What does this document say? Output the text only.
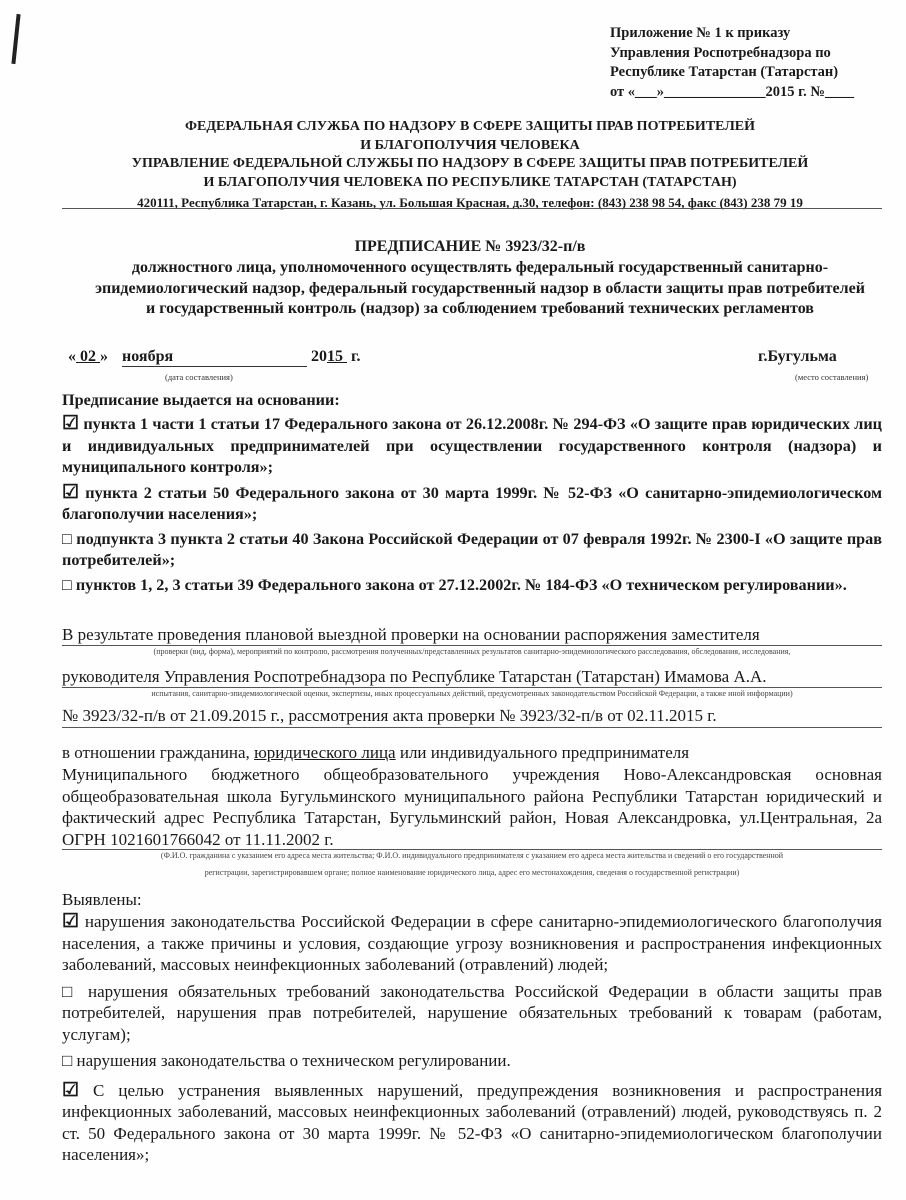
Приложение № 1 к приказу
Управления Роспотребнадзора по
Республике Татарстан (Татарстан)
от «___»______________2015 г. №____
ФЕДЕРАЛЬНАЯ СЛУЖБА ПО НАДЗОРУ В СФЕРЕ ЗАЩИТЫ ПРАВ ПОТРЕБИТЕЛЕЙ
И БЛАГОПОЛУЧИЯ ЧЕЛОВЕКА
УПРАВЛЕНИЕ ФЕДЕРАЛЬНОЙ СЛУЖБЫ ПО НАДЗОРУ В СФЕРЕ ЗАЩИТЫ ПРАВ ПОТРЕБИТЕЛЕЙ
И БЛАГОПОЛУЧИЯ ЧЕЛОВЕКА ПО РЕСПУБЛИКЕ ТАТАРСТАН (ТАТАРСТАН)
420111, Республика Татарстан, г. Казань, ул. Большая Красная, д.30, телефон: (843) 238 98 54, факс (843) 238 79 19
ПРЕДПИСАНИЕ № 3923/32-п/в
должностного лица, уполномоченного осуществлять федеральный государственный санитарно-эпидемиологический надзор, федеральный государственный надзор в области защиты прав потребителей и государственный контроль (надзор) за соблюдением требований технических регламентов
« 02 » ноября	2015 г.	г.Бугульма
(дата составления)	(место составления)
Предписание выдается на основании:
☑ пункта 1 части 1 статьи 17 Федерального закона от 26.12.2008г. № 294-ФЗ «О защите прав юридических лиц и индивидуальных предпринимателей при осуществлении государственного контроля (надзора) и муниципального контроля»;
☑ пункта 2 статьи 50 Федерального закона от 30 марта 1999г. № 52-ФЗ «О санитарно-эпидемиологическом благополучии населения»;
□ подпункта 3 пункта 2 статьи 40 Закона Российской Федерации от 07 февраля 1992г. № 2300-I «О защите прав потребителей»;
□ пунктов 1, 2, 3 статьи 39 Федерального закона от 27.12.2002г. № 184-ФЗ «О техническом регулировании».
В результате проведения плановой выездной проверки на основании распоряжения заместителя
(проверки (вид, форма), мероприятий по контролю, рассмотрения полученных/представленных результатов санитарно-эпидемиологического расследования, обследования, исследования,
руководителя Управления Роспотребнадзора по Республике Татарстан (Татарстан) Имамова А.А.
испытания, санитарно-эпидемиологической оценки, экспертизы, иных процессуальных действий, предусмотренных законодательством Российской Федерации, а также иной информации)
№ 3923/32-п/в от 21.09.2015 г., рассмотрения акта проверки № 3923/32-п/в от 02.11.2015 г.
в отношении гражданина, юридического лица или индивидуального предпринимателя
Муниципального бюджетного общеобразовательного учреждения Ново-Александровская основная общеобразовательная школа Бугульминского муниципального района Республики Татарстан юридический и фактический адрес Республика Татарстан, Бугульминский район, Новая Александровка, ул.Центральная, 2а ОГРН 1021601766042 от 11.11.2002 г.
(Ф.И.О. гражданина с указанием его адреса места жительства; Ф.И.О. индивидуального предпринимателя с указанием его адреса места жительства и сведений о его государственной
регистрации, зарегистрировавшем органе; полное наименование юридического лица, адрес его местонахождения, сведения о государственной регистрации)
Выявлены:
☑ нарушения законодательства Российской Федерации в сфере санитарно-эпидемиологического благополучия населения, а также причины и условия, создающие угрозу возникновения и распространения инфекционных заболеваний, массовых неинфекционных заболеваний (отравлений) людей;
□ нарушения обязательных требований законодательства Российской Федерации в области защиты прав потребителей, нарушения прав потребителей, нарушение обязательных требований к товарам (работам, услугам);
□ нарушения законодательства о техническом регулировании.
☑ С целью устранения выявленных нарушений, предупреждения возникновения и распространения инфекционных заболеваний, массовых неинфекционных заболеваний (отравлений) людей, руководствуясь п. 2 ст. 50 Федерального закона от 30 марта 1999г. № 52-ФЗ «О санитарно-эпидемиологическом благополучии населения»;
